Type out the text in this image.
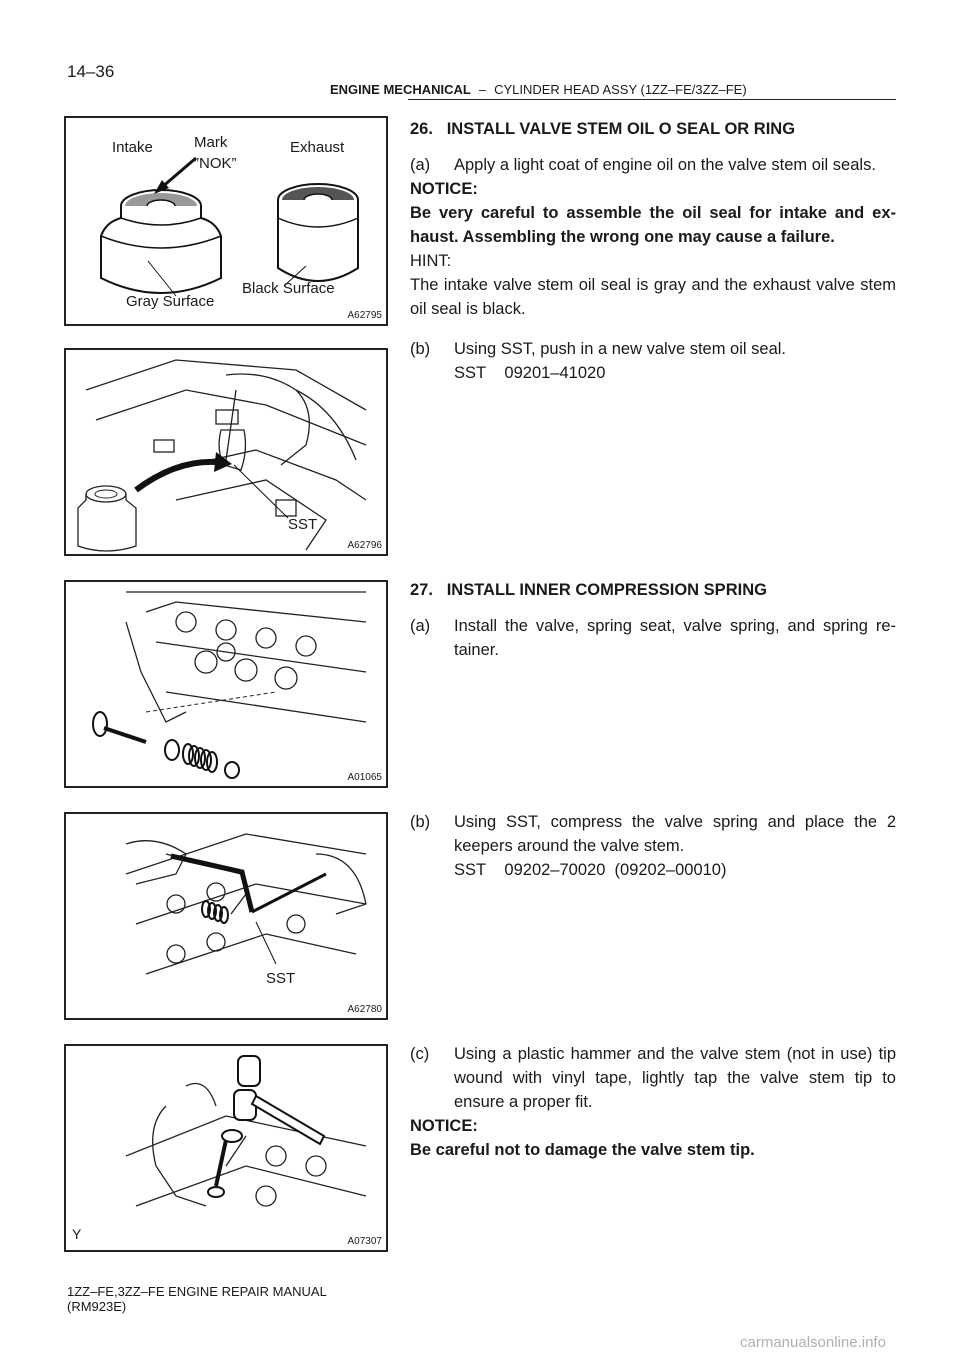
14–36
ENGINE MECHANICAL – CYLINDER HEAD ASSY (1ZZ–FE/3ZZ–FE)
Intake	Mark
”NOK”
Exhaust
Gray Surface
Black Surface
A62795
SST
A62796
A01065
SST
A62780
Y	A07307

26.   INSTALL VALVE STEM OIL O SEAL OR RING

(a)	Apply a light coat of engine oil on the valve stem oil seals.

NOTICE:

Be very careful to assemble the oil seal for intake and ex-haust. Assembling the wrong one may cause a failure.

HINT:

The intake valve stem oil seal is gray and the exhaust valve stem oil seal is black.

(b)	Using SST, push in a new valve stem oil seal.

SST    09201–41020

27.   INSTALL INNER COMPRESSION SPRING

(a)	Install the valve, spring seat, valve spring, and spring re-tainer.
(b)	Using SST, compress the valve spring and place the 2 keepers around the valve stem.

SST    09202–70020  (09202–00010)

(c)	Using a plastic hammer and the valve stem (not in use) tip wound with vinyl tape, lightly tap the valve stem tip to ensure a proper fit.

NOTICE:

Be careful not to damage the valve stem tip.

1ZZ–FE,3ZZ–FE ENGINE REPAIR MANUAL
(RM923E)
carmanualsonline.info
